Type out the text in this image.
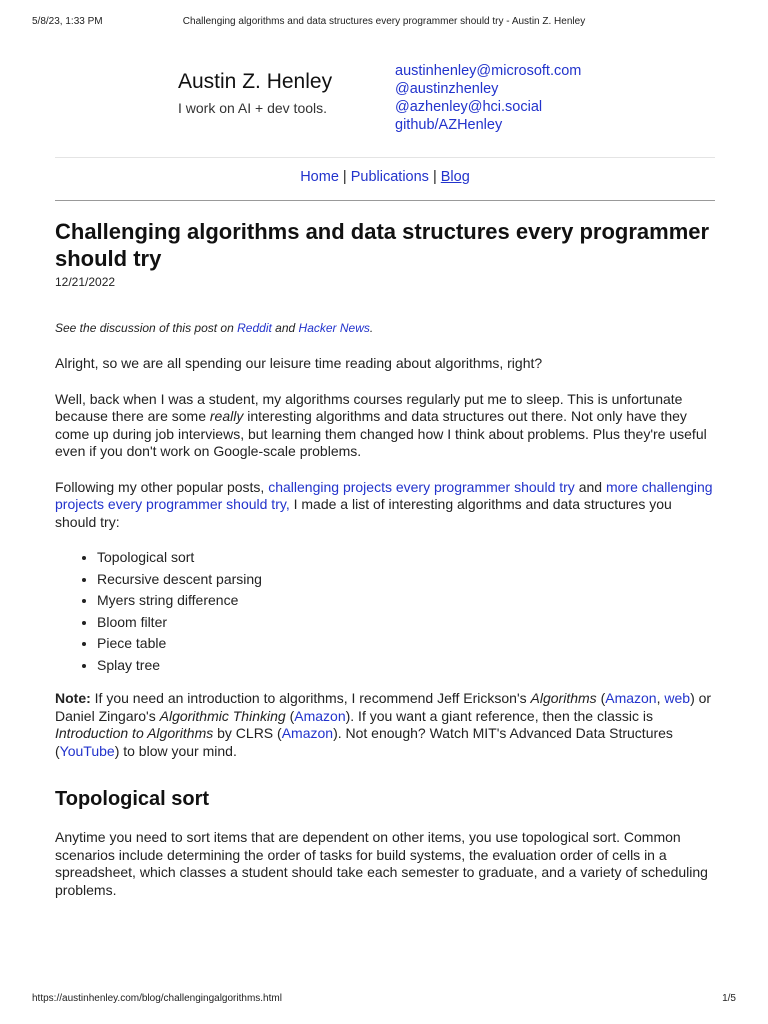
5/8/23, 1:33 PM	Challenging algorithms and data structures every programmer should try - Austin Z. Henley
Austin Z. Henley
I work on AI + dev tools.
austinhenley@microsoft.com
@austinzhenley
@azhenley@hci.social
github/AZHenley
Home | Publications | Blog
Challenging algorithms and data structures every programmer should try
12/21/2022
See the discussion of this post on Reddit and Hacker News.

Alright, so we are all spending our leisure time reading about algorithms, right?

Well, back when I was a student, my algorithms courses regularly put me to sleep. This is unfortunate because there are some really interesting algorithms and data structures out there. Not only have they come up during job interviews, but learning them changed how I think about problems. Plus they're useful even if you don't work on Google-scale problems.

Following my other popular posts, challenging projects every programmer should try and more challenging projects every programmer should try, I made a list of interesting algorithms and data structures you should try:

• Topological sort
• Recursive descent parsing
• Myers string difference
• Bloom filter
• Piece table
• Splay tree

Note: If you need an introduction to algorithms, I recommend Jeff Erickson's Algorithms (Amazon, web) or Daniel Zingaro's Algorithmic Thinking (Amazon). If you want a giant reference, then the classic is Introduction to Algorithms by CLRS (Amazon). Not enough? Watch MIT's Advanced Data Structures (YouTube) to blow your mind.

Topological sort

Anytime you need to sort items that are dependent on other items, you use topological sort. Common scenarios include determining the order of tasks for build systems, the evaluation order of cells in a spreadsheet, which classes a student should take each semester to graduate, and a variety of scheduling problems.

https://austinhenley.com/blog/challengingalgorithms.html	1/5
